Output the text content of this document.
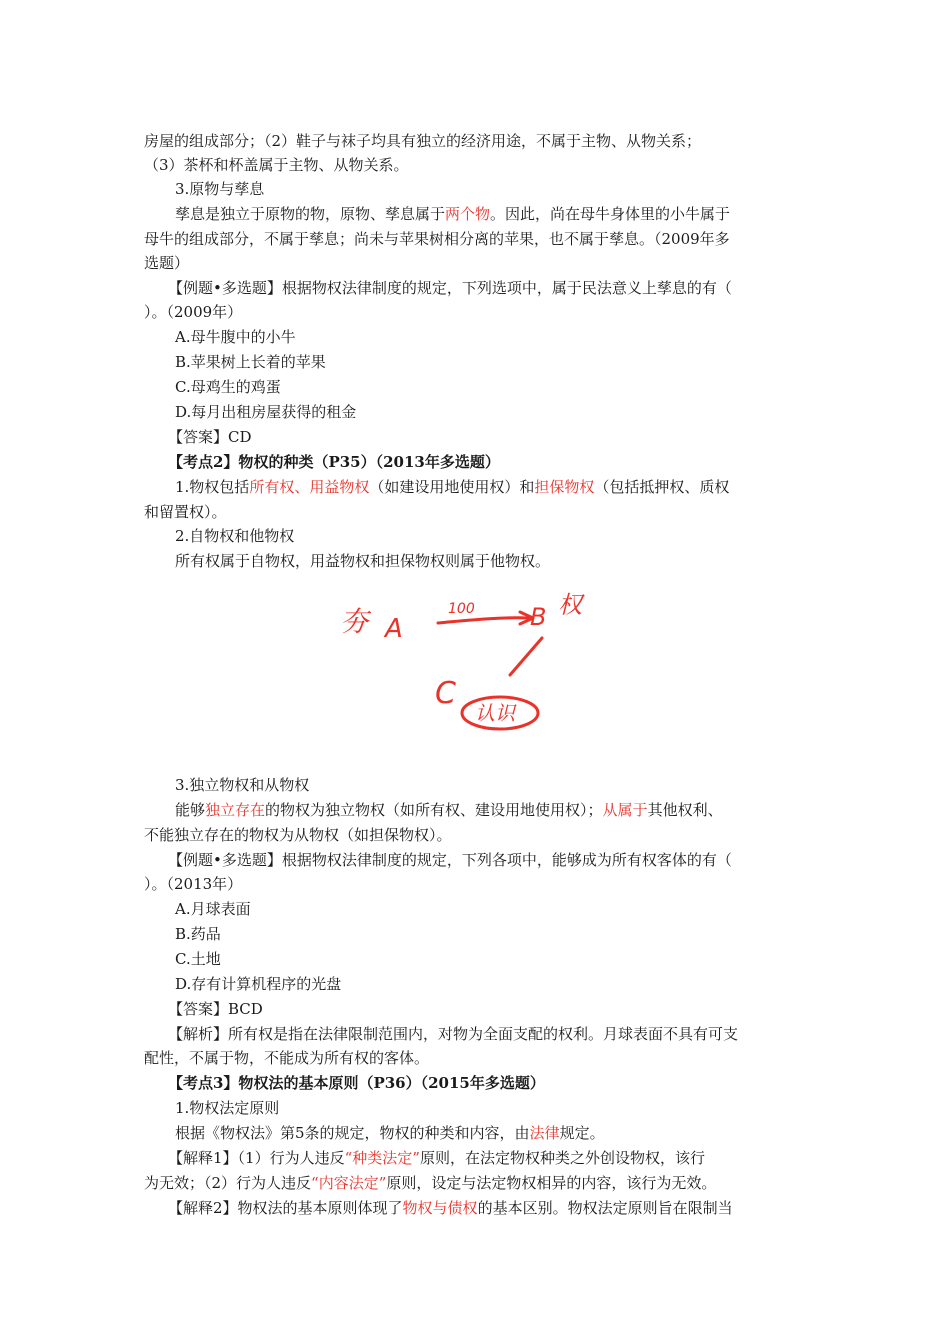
房屋的组成部分；（2）鞋子与袜子均具有独立的经济用途，不属于主物、从物关系；
（3）茶杯和杯盖属于主物、从物关系。
3.原物与孳息
孳息是独立于原物的物，原物、孳息属于两个物。因此，尚在母牛身体里的小牛属于
母牛的组成部分，不属于孳息；尚未与苹果树相分离的苹果，也不属于孳息。（2009年多
选题）
【例题•多选题】根据物权法律制度的规定，下列选项中，属于民法意义上孳息的有（
）。（2009年）
A.母牛腹中的小牛
B.苹果树上长着的苹果
C.母鸡生的鸡蛋
D.每月出租房屋获得的租金
【答案】CD
【考点2】物权的种类（P35）（2013年多选题）
1.物权包括所有权、用益物权（如建设用地使用权）和担保物权（包括抵押权、质权
和留置权）。
2.自物权和他物权
所有权属于自物权，用益物权和担保物权则属于他物权。
夯 A
100 B 权
C
认识
3.独立物权和从物权
能够独立存在的物权为独立物权（如所有权、建设用地使用权）；从属于其他权利、
不能独立存在的物权为从物权（如担保物权）。
【例题•多选题】根据物权法律制度的规定，下列各项中，能够成为所有权客体的有（
）。（2013年）
A.月球表面
B.药品
C.土地
D.存有计算机程序的光盘
【答案】BCD
【解析】所有权是指在法律限制范围内，对物为全面支配的权利。月球表面不具有可支
配性，不属于物，不能成为所有权的客体。
【考点3】物权法的基本原则（P36）（2015年多选题）
1.物权法定原则
根据《物权法》第5条的规定，物权的种类和内容，由法律规定。
【解释1】（1）行为人违反“种类法定”原则，在法定物权种类之外创设物权，该行
为无效；（2）行为人违反“内容法定”原则，设定与法定物权相异的内容，该行为无效。
【解释2】物权法的基本原则体现了物权与债权的基本区别。物权法定原则旨在限制当
